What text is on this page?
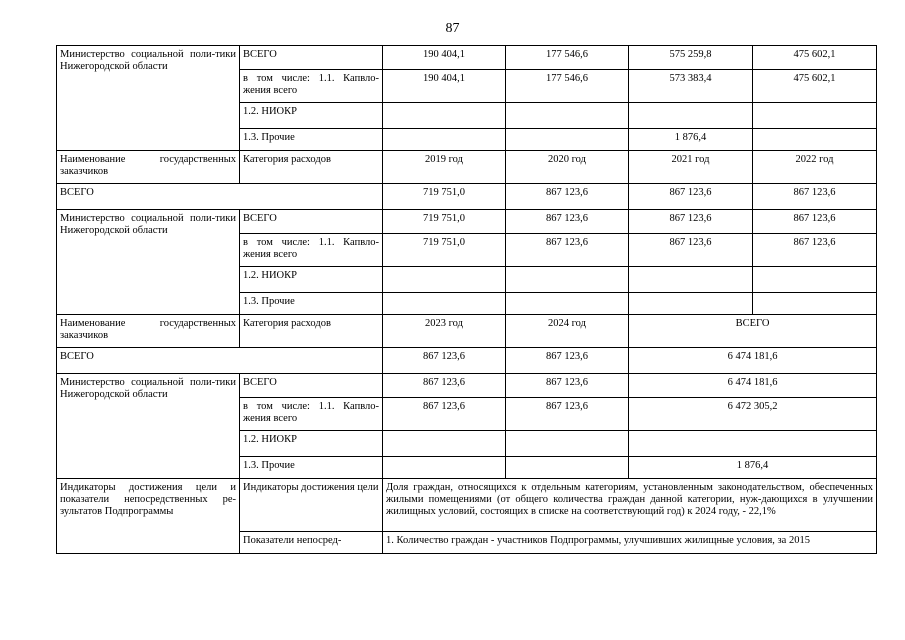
87
Министерство социальной поли-тики Нижегородской области	ВСЕГО	190 404,1	177 546,6	575 259,8	475 602,1
	в том числе: 1.1. Капвло-жения всего	190 404,1	177 546,6	573 383,4	475 602,1
	1.2. НИОКР				
	1.3. Прочие			1 876,4	
Наименование государственных заказчиков	Категория расходов	2019 год	2020 год	2021 год	2022 год
ВСЕГО		719 751,0	867 123,6	867 123,6	867 123,6
Министерство социальной поли-тики Нижегородской области	ВСЕГО	719 751,0	867 123,6	867 123,6	867 123,6
	в том числе: 1.1. Капвло-жения всего	719 751,0	867 123,6	867 123,6	867 123,6
	1.2. НИОКР				
	1.3. Прочие				
Наименование государственных заказчиков	Категория расходов	2023 год	2024 год	ВСЕГО	
ВСЕГО		867 123,6	867 123,6	6 474 181,6	
Министерство социальной поли-тики Нижегородской области	ВСЕГО	867 123,6	867 123,6	6 474 181,6	
	в том числе: 1.1. Капвло-жения всего	867 123,6	867 123,6	6 472 305,2	
	1.2. НИОКР				
	1.3. Прочие			1 876,4	
Индикаторы достижения цели и показатели непосредственных ре-зультатов Подпрограммы	Индикаторы достижения цели	Доля граждан, относящихся к отдельным категориям, установленным законодательством, обеспеченных жилыми помещениями (от общего количества граждан данной категории, нуж-дающихся в улучшении жилищных условий, состоящих в списке на соответствующий год) к 2024 году, - 22,1%			
	Показатели непосред-	1. Количество граждан - участников Подпрограммы, улучшивших жилищные условия, за 2015			
